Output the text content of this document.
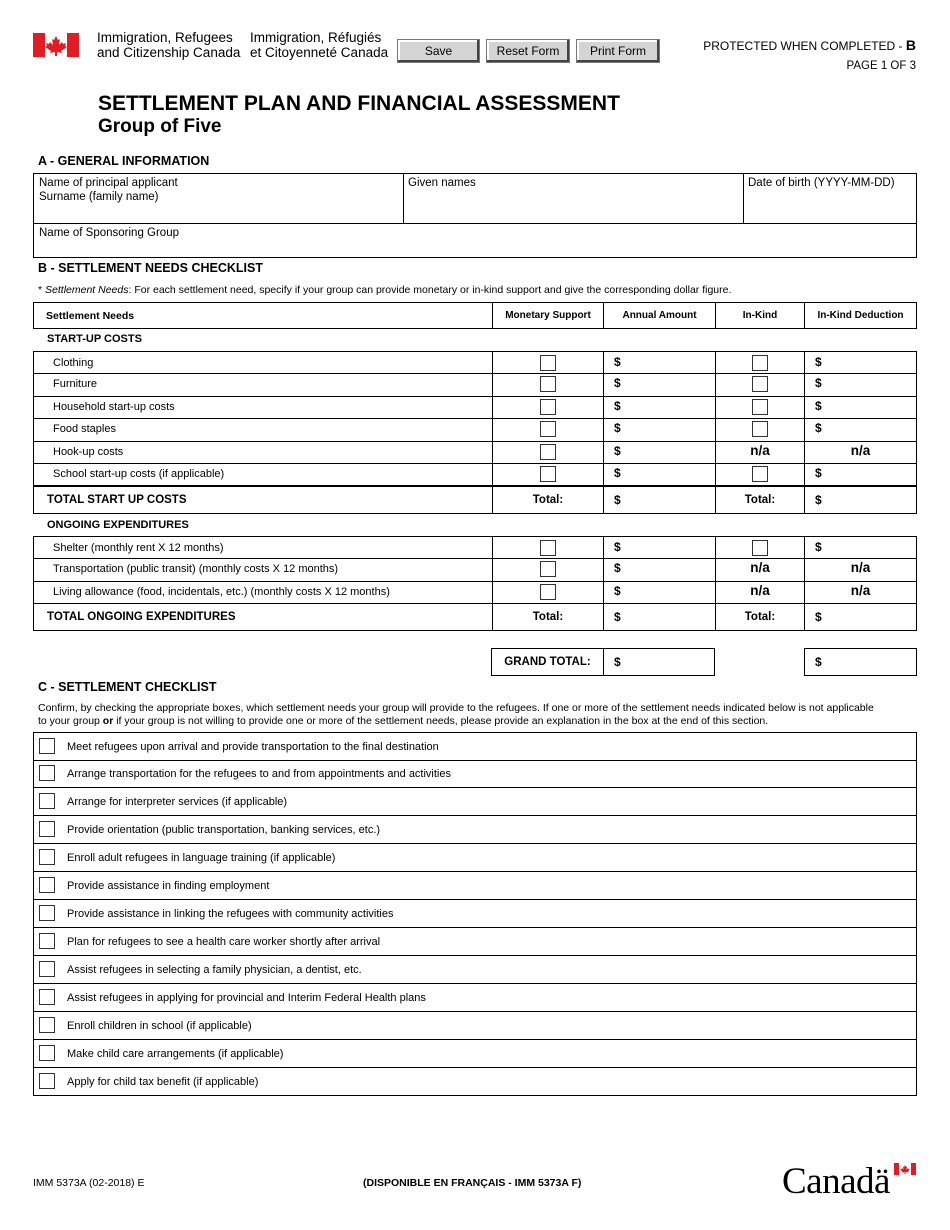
Immigration, Refugees
and Citizenship Canada
Immigration, Réfugiés
et Citoyenneté Canada	Save	Reset Form	Print Form	PROTECTED WHEN COMPLETED - B
PAGE 1 OF 3
SETTLEMENT PLAN AND FINANCIAL ASSESSMENT
Group of Five
A - GENERAL INFORMATION
Name of principal applicant
Surname (family name)
Given names	Date of birth (YYYY-MM-DD)
Name of Sponsoring Group
B - SETTLEMENT NEEDS CHECKLIST
* Settlement Needs: For each settlement need, specify if your group can provide monetary or in-kind support and give the corresponding dollar figure.
Settlement Needs	Monetary Support	Annual Amount	In-Kind	In-Kind Deduction
START-UP COSTS
Clothing	$	$
Furniture	$	$
Household start-up costs	$	$
Food staples	$	$
Hook-up costs	$	n/a	n/a
School start-up costs (if applicable)	$	$
TOTAL START UP COSTS	Total:	$	Total:	$
ONGOING EXPENDITURES
Shelter (monthly rent X 12 months)	$	$
Transportation (public transit) (monthly costs X 12 months)	$	n/a	n/a
Living allowance (food, incidentals, etc.) (monthly costs X 12 months)	$	n/a	n/a
TOTAL ONGOING EXPENDITURES	Total:	$	Total:	$
GRAND TOTAL:	$	$
C - SETTLEMENT CHECKLIST
Confirm, by checking the appropriate boxes, which settlement needs your group will provide to the refugees. If one or more of the settlement needs indicated below is not applicable
to your group or if your group is not willing to provide one or more of the settlement needs, please provide an explanation in the box at the end of this section.
Meet refugees upon arrival and provide transportation to the final destination
Arrange transportation for the refugees to and from appointments and activities
Arrange for interpreter services (if applicable)
Provide orientation (public transportation, banking services, etc.)
Enroll adult refugees in language training (if applicable)
Provide assistance in finding employment
Provide assistance in linking the refugees with community activities
Plan for refugees to see a health care worker shortly after arrival
Assist refugees in selecting a family physician, a dentist, etc.
Assist refugees in applying for provincial and Interim Federal Health plans
Enroll children in school (if applicable)
Make child care arrangements (if applicable)
Apply for child tax benefit (if applicable)
IMM 5373A (02-2018) E	(DISPONIBLE EN FRANÇAIS - IMM 5373A F)	Canadä
